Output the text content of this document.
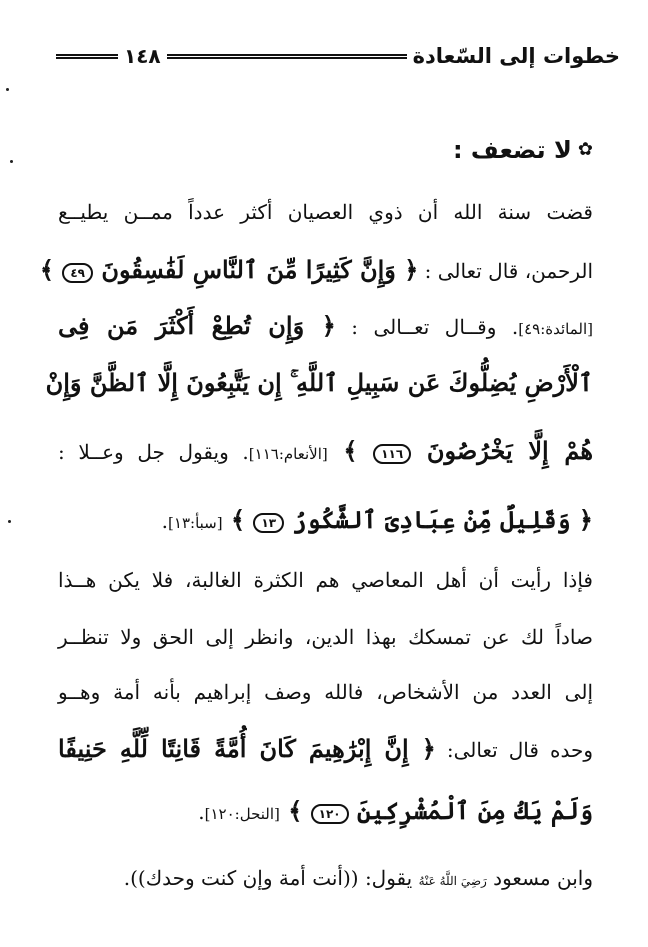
خطوات إلى السّعادة
١٤٨
✿
لا تضعف :
قضت سنة الله أن ذوي العصيان أكثر عدداً ممــن يطيــع
الرحمن، قال تعالى : ﴿ وَإِنَّ كَثِيرًا مِّنَ ٱلنَّاسِ لَفَٰسِقُونَ ٤٩ ﴾
[المائدة:٤٩]. وقــال تعــالى : ﴿ وَإِن تُطِعْ أَكْثَرَ مَن فِى
ٱلْأَرْضِ يُضِلُّوكَ عَن سَبِيلِ ٱللَّهِ ۚ إِن يَتَّبِعُونَ إِلَّا ٱلظَّنَّ وَإِنْ
هُمْ إِلَّا يَخْرُصُونَ ١١٦ ﴾ [الأنعام:١١٦]. ويقول جل وعــلا :
﴿ وَقَلِيلٌ مِّنْ عِبَادِىَ ٱلشَّكُورُ ١٣ ﴾ [سبأ:١٣].
فإذا رأيت أن أهل المعاصي هم الكثرة الغالبة، فلا يكن هــذا
صاداً لك عن تمسكك بهذا الدين، وانظر إلى الحق ولا تنظــر
إلى العدد من الأشخاص، فالله وصف إبراهيم بأنه أمة وهــو
وحده قال تعالى: ﴿ إِنَّ إِبْرَٰهِيمَ كَانَ أُمَّةً قَانِتًا لِّلَّهِ حَنِيفًا
وَلَمْ يَكُ مِنَ ٱلْمُشْرِكِينَ ١٢٠ ﴾ [النحل:١٢٠].
وابن مسعود رَضِيَ اللَّهُ عَنْهُ يقول: ((أنت أمة وإن كنت وحدك)).
